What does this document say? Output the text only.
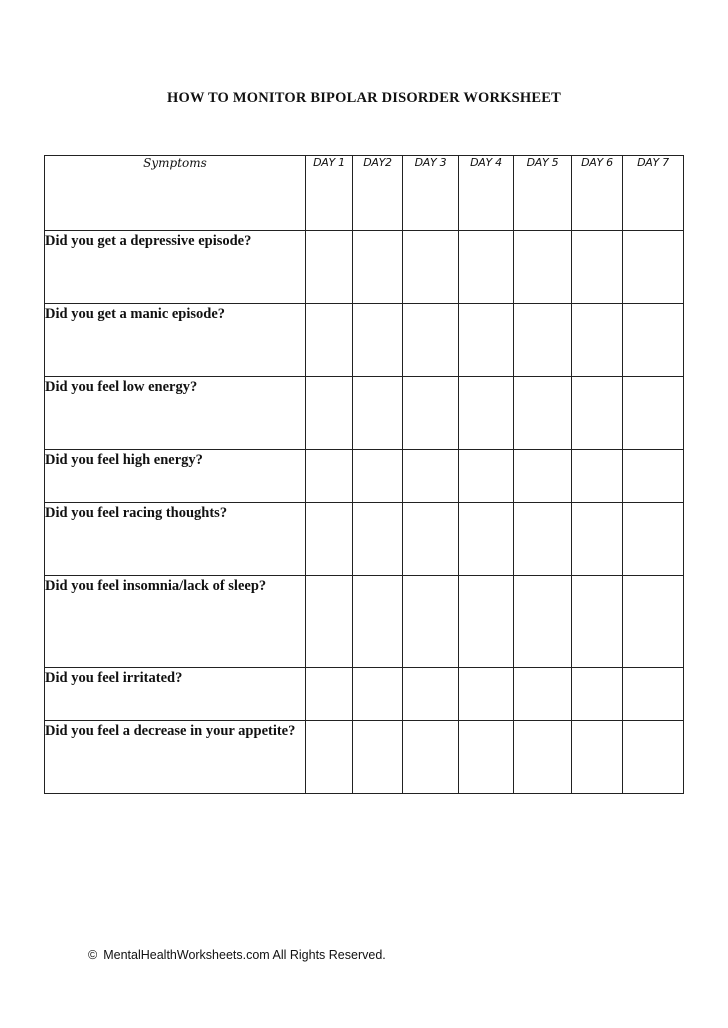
HOW TO MONITOR BIPOLAR DISORDER WORKSHEET
Symptoms	DAY 1	DAY2	DAY 3	DAY 4	DAY 5	DAY 6	DAY 7
Did you get a depressive episode?							
Did you get a manic episode?							
Did you feel low energy?							
Did you feel high energy?							
Did you feel racing thoughts?							
Did you feel insomnia/lack of sleep?							
Did you feel irritated?							
Did you feel a decrease in your appetite?							
© MentalHealthWorksheets.com All Rights Reserved.
